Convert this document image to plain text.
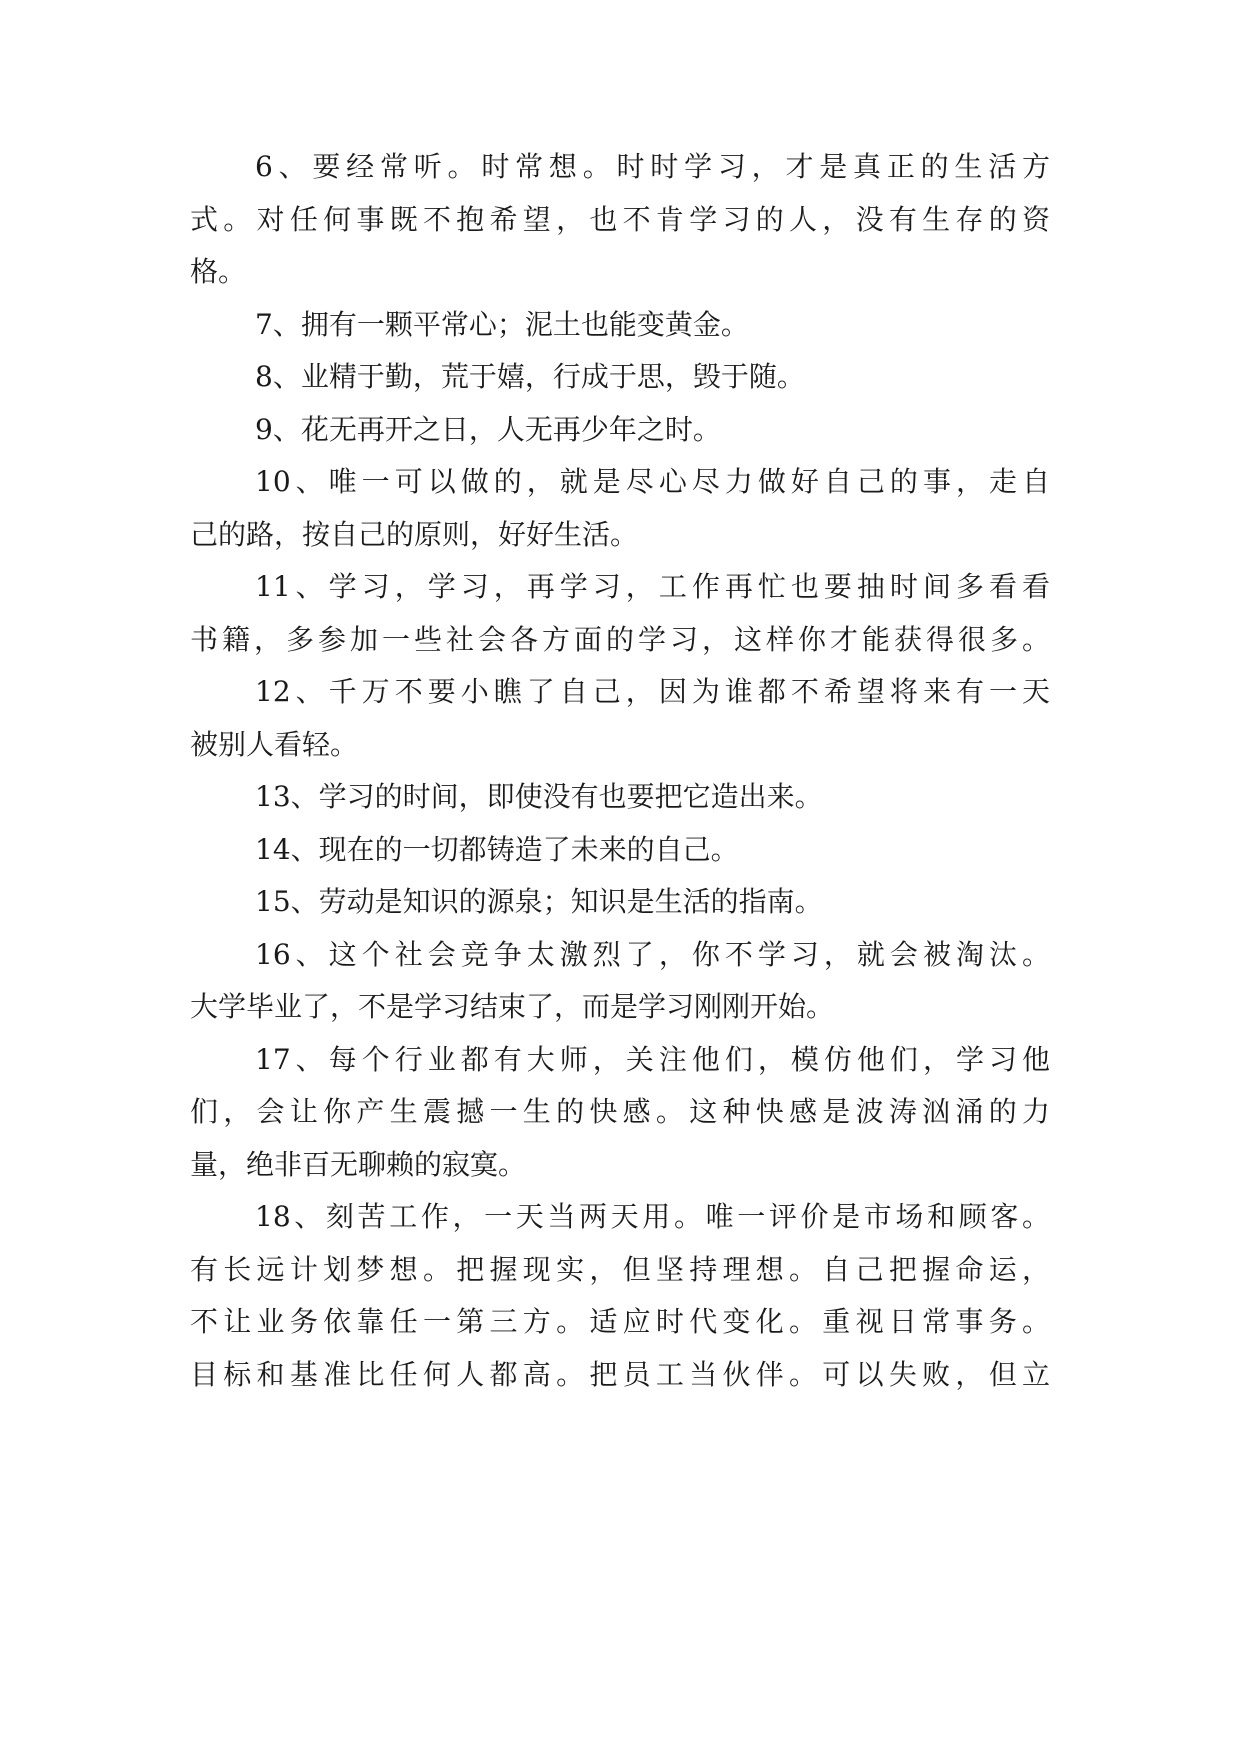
6、要经常听。时常想。时时学习，才是真正的生活方
式。对任何事既不抱希望，也不肯学习的人，没有生存的资
格。
7、拥有一颗平常心；泥土也能变黄金。
8、业精于勤，荒于嬉，行成于思，毁于随。
9、花无再开之日，人无再少年之时。
10、唯一可以做的，就是尽心尽力做好自己的事，走自
己的路，按自己的原则，好好生活。
11、学习，学习，再学习，工作再忙也要抽时间多看看
书籍，多参加一些社会各方面的学习，这样你才能获得很多。
12、千万不要小瞧了自己，因为谁都不希望将来有一天
被别人看轻。
13、学习的时间，即使没有也要把它造出来。
14、现在的一切都铸造了未来的自己。
15、劳动是知识的源泉；知识是生活的指南。
16、这个社会竞争太激烈了，你不学习，就会被淘汰。
大学毕业了，不是学习结束了，而是学习刚刚开始。
17、每个行业都有大师，关注他们，模仿他们，学习他
们，会让你产生震撼一生的快感。这种快感是波涛汹涌的力
量，绝非百无聊赖的寂寞。
18、刻苦工作，一天当两天用。唯一评价是市场和顾客。
有长远计划梦想。把握现实，但坚持理想。自己把握命运，
不让业务依靠任一第三方。适应时代变化。重视日常事务。
目标和基准比任何人都高。把员工当伙伴。可以失败，但立
